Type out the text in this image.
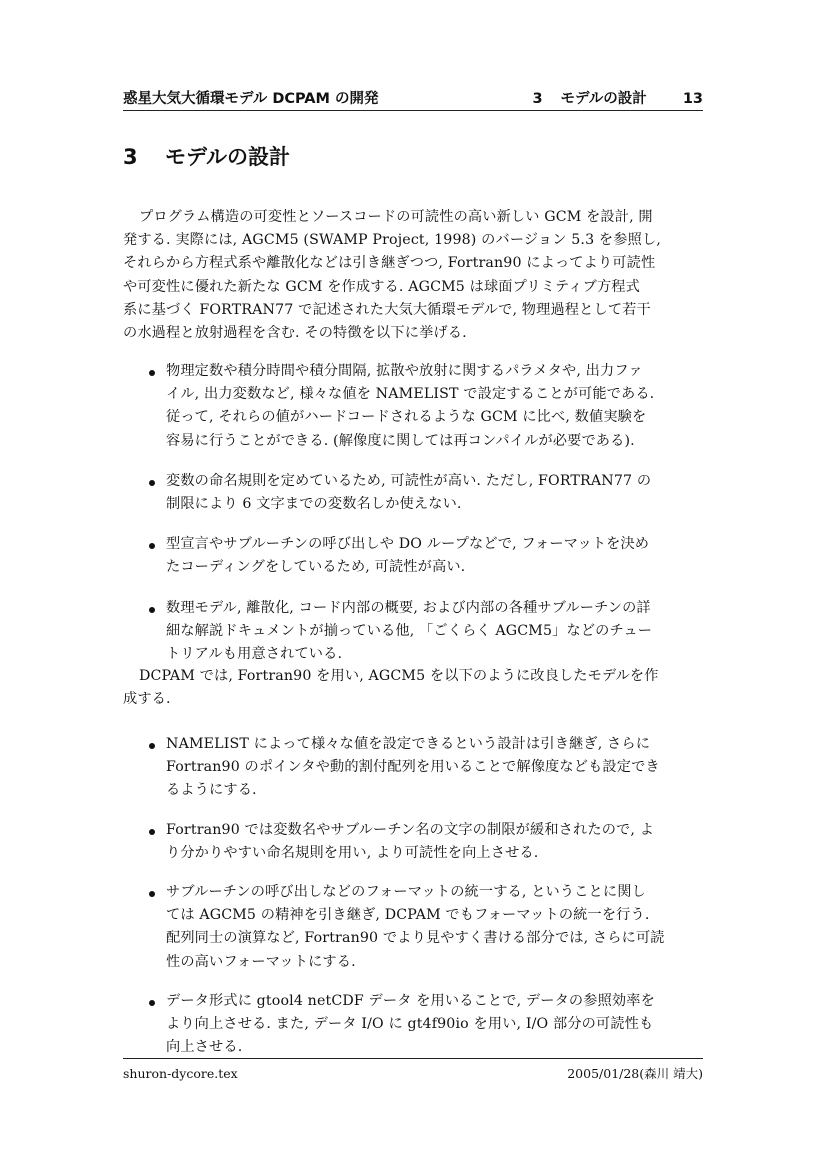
惑星大気大循環モデル DCPAM の開発	3 モデルの設計 13
3 モデルの設計
プログラム構造の可変性とソースコードの可読性の高い新しい GCM を設計, 開
発する. 実際には, AGCM5 (SWAMP Project, 1998) のバージョン 5.3 を参照し,
それらから方程式系や離散化などは引き継ぎつつ, Fortran90 によってより可読性
や可変性に優れた新たな GCM を作成する. AGCM5 は球面プリミティブ方程式
系に基づく FORTRAN77 で記述された大気大循環モデルで, 物理過程として若干
の水過程と放射過程を含む. その特徴を以下に挙げる.
物理定数や積分時間や積分間隔, 拡散や放射に関するパラメタや, 出力ファ
イル, 出力変数など, 様々な値を NAMELIST で設定することが可能である.
従って, それらの値がハードコードされるような GCM に比べ, 数値実験を
容易に行うことができる. (解像度に関しては再コンパイルが必要である).
変数の命名規則を定めているため, 可読性が高い. ただし, FORTRAN77 の
制限により 6 文字までの変数名しか使えない.
型宣言やサブルーチンの呼び出しや DO ループなどで, フォーマットを決め
たコーディングをしているため, 可読性が高い.
数理モデル, 離散化, コード内部の概要, および内部の各種サブルーチンの詳
細な解説ドキュメントが揃っている他, 「ごくらく AGCM5」などのチュー
トリアルも用意されている.
DCPAM では, Fortran90 を用い, AGCM5 を以下のように改良したモデルを作
成する.
NAMELIST によって様々な値を設定できるという設計は引き継ぎ, さらに
Fortran90 のポインタや動的割付配列を用いることで解像度なども設定でき
るようにする.
Fortran90 では変数名やサブルーチン名の文字の制限が緩和されたので, よ
り分かりやすい命名規則を用い, より可読性を向上させる.
サブルーチンの呼び出しなどのフォーマットの統一する, ということに関し
ては AGCM5 の精神を引き継ぎ, DCPAM でもフォーマットの統一を行う.
配列同士の演算など, Fortran90 でより見やすく書ける部分では, さらに可読
性の高いフォーマットにする.
データ形式に gtool4 netCDF データ を用いることで, データの参照効率を
より向上させる. また, データ I/O に gt4f90io を用い, I/O 部分の可読性も
向上させる.
shuron-dycore.tex	2005/01/28(森川 靖大)
